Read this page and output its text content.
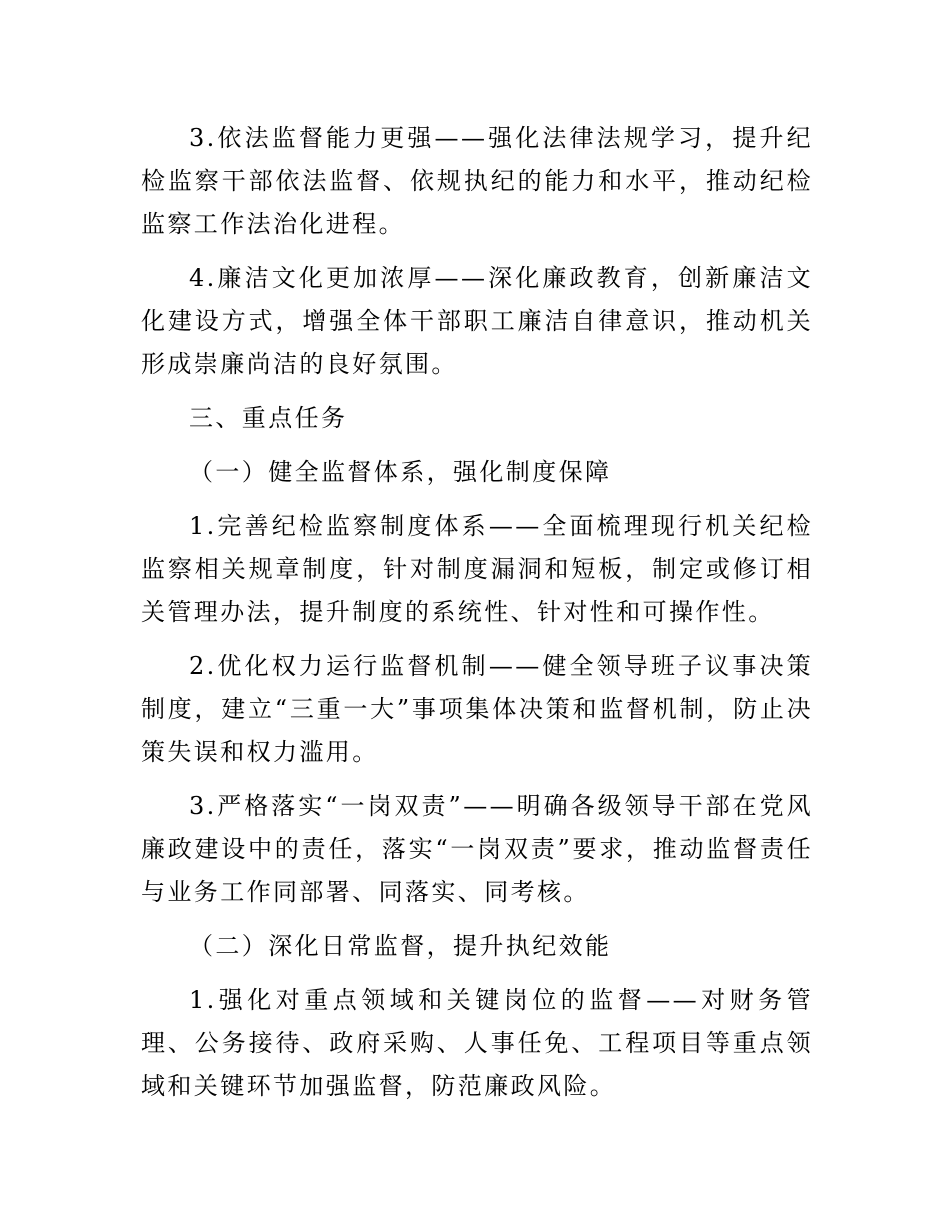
3.依法监督能力更强——强化法律法规学习，提升纪检监察干部依法监督、依规执纪的能力和水平，推动纪检监察工作法治化进程。

4.廉洁文化更加浓厚——深化廉政教育，创新廉洁文化建设方式，增强全体干部职工廉洁自律意识，推动机关形成崇廉尚洁的良好氛围。

三、重点任务

（一）健全监督体系，强化制度保障

1.完善纪检监察制度体系——全面梳理现行机关纪检监察相关规章制度，针对制度漏洞和短板，制定或修订相关管理办法，提升制度的系统性、针对性和可操作性。

2.优化权力运行监督机制——健全领导班子议事决策制度，建立“三重一大”事项集体决策和监督机制，防止决策失误和权力滥用。

3.严格落实“一岗双责”——明确各级领导干部在党风廉政建设中的责任，落实“一岗双责”要求，推动监督责任与业务工作同部署、同落实、同考核。

（二）深化日常监督，提升执纪效能

1.强化对重点领域和关键岗位的监督——对财务管理、公务接待、政府采购、人事任免、工程项目等重点领域和关键环节加强监督，防范廉政风险。
